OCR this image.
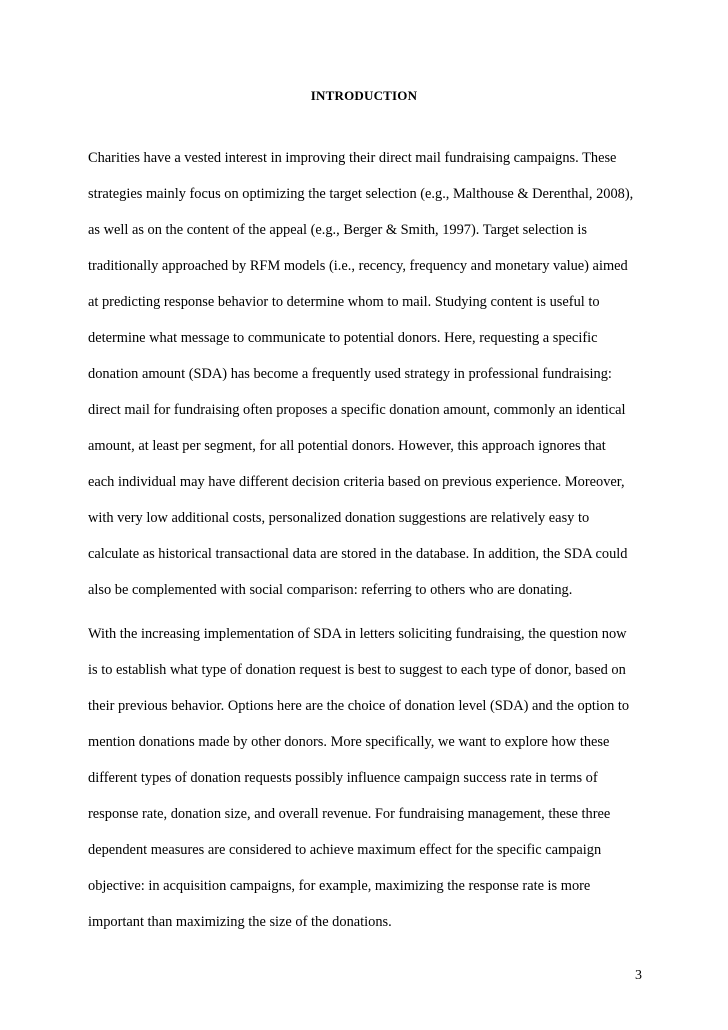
INTRODUCTION
Charities have a vested interest in improving their direct mail fundraising campaigns. These
strategies mainly focus on optimizing the target selection (e.g., Malthouse & Derenthal, 2008),
as well as on the content of the appeal (e.g., Berger & Smith, 1997). Target selection is
traditionally approached by RFM models (i.e., recency, frequency and monetary value) aimed
at predicting response behavior to determine whom to mail. Studying content is useful to
determine what message to communicate to potential donors. Here, requesting a specific
donation amount (SDA) has become a frequently used strategy in professional fundraising:
direct mail for fundraising often proposes a specific donation amount, commonly an identical
amount, at least per segment, for all potential donors. However, this approach ignores that
each individual may have different decision criteria based on previous experience. Moreover,
with very low additional costs, personalized donation suggestions are relatively easy to
calculate as historical transactional data are stored in the database. In addition, the SDA could
also be complemented with social comparison: referring to others who are donating.
With the increasing implementation of SDA in letters soliciting fundraising, the question now
is to establish what type of donation request is best to suggest to each type of donor, based on
their previous behavior. Options here are the choice of donation level (SDA) and the option to
mention donations made by other donors. More specifically, we want to explore how these
different types of donation requests possibly influence campaign success rate in terms of
response rate, donation size, and overall revenue. For fundraising management, these three
dependent measures are considered to achieve maximum effect for the specific campaign
objective: in acquisition campaigns, for example, maximizing the response rate is more
important than maximizing the size of the donations.

3
